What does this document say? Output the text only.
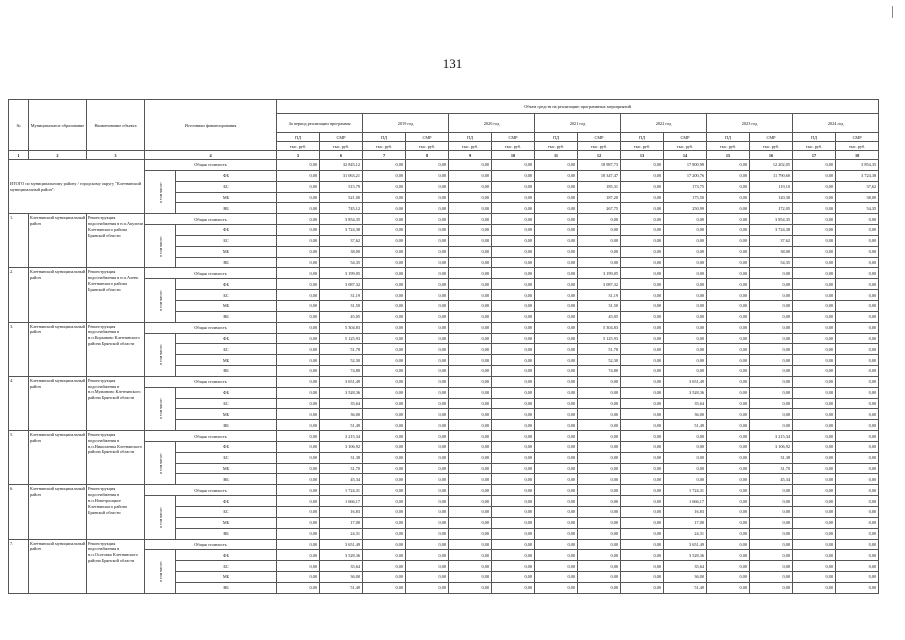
131
№	Муниципальное образование	Наименование объекта	Источники финансирования		Объем средств на реализацию программных мероприятий													
					За период реализации программы		2019 год		2020 год		2021 год		2022 год		2023 год		2024 год	
					ПД	СМР	ПД	СМР	ПД	СМР	ПД	СМР	ПД	СМР	ПД	СМР	ПД	СМР
					тыс. руб.	тыс. руб.	тыс. руб.	тыс. руб.	тыс. руб.	тыс. руб.	тыс. руб.	тыс. руб.	тыс. руб.	тыс. руб.	тыс. руб.	тыс. руб.	тыс. руб.	тыс. руб.
1	2	3	4		5	6	7	8	9	10	11	12	13	14	15	16	17	18
ИТОГО по муниципальному району / городскому округу "Клетнянский муниципальный район":			Общая стоимость		0,00	32 845,12	0,00	0,00	0,00	0,00	0,00	18 987,73	0,00	17 800,98	0,00	12 202,05	0,00	3 854,35
			в том числе:	ФБ	0,00	31 063,21	0,00	0,00	0,00	0,00	0,00	18 347,47	0,00	17 200,76	0,00	11 790,60	0,00	3 724,38
				БС	0,00	515,79	0,00	0,00	0,00	0,00	0,00	185,31	0,00	173,75	0,00	119,10	0,00	37,62
				МБ	0,00	521,00	0,00	0,00	0,00	0,00	0,00	187,20	0,00	175,50	0,00	120,30	0,00	38,00
				ВБ	0,00	745,12	0,00	0,00	0,00	0,00	0,00	267,75	0,00	250,99	0,00	172,05	0,00	54,35
1.	Клетнянский муниципальный район	Реконструкция водоснабжения в н.п.Акуличи Клетнянского района Брянской области	Общая стоимость		0,00	3 854,35	0,00	0,00	0,00	0,00	0,00	0,00	0,00	0,00	0,00	3 854,35	0,00	0,00
			в том числе:	ФБ	0,00	3 724,38	0,00	0,00	0,00	0,00	0,00	0,00	0,00	0,00	0,00	3 724,38	0,00	0,00
				БС	0,00	37,62	0,00	0,00	0,00	0,00	0,00	0,00	0,00	0,00	0,00	37,62	0,00	0,00
				МБ	0,00	38,00	0,00	0,00	0,00	0,00	0,00	0,00	0,00	0,00	0,00	38,00	0,00	0,00
				ВБ	0,00	54,35	0,00	0,00	0,00	0,00	0,00	0,00	0,00	0,00	0,00	54,35	0,00	0,00
2.	Клетнянский муниципальный район	Реконструкция водоснабжения в н.п.Алень Клетнянского района Брянской области	Общая стоимость		0,00	3 199,05	0,00	0,00	0,00	0,00	0,00	3 199,05	0,00	0,00	0,00	0,00	0,00	0,00
			в том числе:	ФБ	0,00	3 087,32	0,00	0,00	0,00	0,00	0,00	3 087,32	0,00	0,00	0,00	0,00	0,00	0,00
				БС	0,00	31,19	0,00	0,00	0,00	0,00	0,00	31,19	0,00	0,00	0,00	0,00	0,00	0,00
				МБ	0,00	31,50	0,00	0,00	0,00	0,00	0,00	31,50	0,00	0,00	0,00	0,00	0,00	0,00
				ВБ	0,00	45,05	0,00	0,00	0,00	0,00	0,00	45,05	0,00	0,00	0,00	0,00	0,00	0,00
3.	Клетнянский муниципальный район	Реконструкция водоснабжения в н.п.Корыжево Клетнянского района Брянской области	Общая стоимость		0,00	5 304,83	0,00	0,00	0,00	0,00	0,00	5 304,83	0,00	0,00	0,00	0,00	0,00	0,00
			в том числе:	ФБ	0,00	5 125,93	0,00	0,00	0,00	0,00	0,00	5 125,93	0,00	0,00	0,00	0,00	0,00	0,00
				БС	0,00	51,78	0,00	0,00	0,00	0,00	0,00	51,78	0,00	0,00	0,00	0,00	0,00	0,00
				МБ	0,00	52,30	0,00	0,00	0,00	0,00	0,00	52,30	0,00	0,00	0,00	0,00	0,00	0,00
				ВБ	0,00	74,80	0,00	0,00	0,00	0,00	0,00	74,80	0,00	0,00	0,00	0,00	0,00	0,00
4.	Клетнянский муниципальный район	Реконструкция водоснабжения в н.п.Мужиново Клетнянского района Брянской области	Общая стоимость		0,00	3 651,49	0,00	0,00	0,00	0,00	0,00	0,00	0,00	3 651,49	0,00	0,00	0,00	0,00
			в том числе:	ФБ	0,00	3 528,36	0,00	0,00	0,00	0,00	0,00	0,00	0,00	3 528,36	0,00	0,00	0,00	0,00
				БС	0,00	35,64	0,00	0,00	0,00	0,00	0,00	0,00	0,00	35,64	0,00	0,00	0,00	0,00
				МБ	0,00	36,00	0,00	0,00	0,00	0,00	0,00	0,00	0,00	36,00	0,00	0,00	0,00	0,00
				ВБ	0,00	51,49	0,00	0,00	0,00	0,00	0,00	0,00	0,00	51,49	0,00	0,00	0,00	0,00
5.	Клетнянский муниципальный район	Реконструкция водоснабжения в н.п.Николаевка Клетнянского района Брянской области	Общая стоимость		0,00	3 215,34	0,00	0,00	0,00	0,00	0,00	0,00	0,00	0,00	0,00	3 215,34	0,00	0,00
			в том числе:	ФБ	0,00	3 106,92	0,00	0,00	0,00	0,00	0,00	0,00	0,00	0,00	0,00	3 106,92	0,00	0,00
				БС	0,00	31,38	0,00	0,00	0,00	0,00	0,00	0,00	0,00	0,00	0,00	31,38	0,00	0,00
				МБ	0,00	31,70	0,00	0,00	0,00	0,00	0,00	0,00	0,00	0,00	0,00	31,70	0,00	0,00
				ВБ	0,00	45,34	0,00	0,00	0,00	0,00	0,00	0,00	0,00	0,00	0,00	45,34	0,00	0,00
6.	Клетнянский муниципальный район	Реконструкция водоснабжения в н.п.Новотроицкое Клетнянского района Брянской области	Общая стоимость		0,00	1 724,31	0,00	0,00	0,00	0,00	0,00	0,00	0,00	1 724,31	0,00	0,00	0,00	0,00
			в том числе:	ФБ	0,00	1 666,17	0,00	0,00	0,00	0,00	0,00	0,00	0,00	1 666,17	0,00	0,00	0,00	0,00
				БС	0,00	16,83	0,00	0,00	0,00	0,00	0,00	0,00	0,00	16,83	0,00	0,00	0,00	0,00
				МБ	0,00	17,00	0,00	0,00	0,00	0,00	0,00	0,00	0,00	17,00	0,00	0,00	0,00	0,00
				ВБ	0,00	24,31	0,00	0,00	0,00	0,00	0,00	0,00	0,00	24,31	0,00	0,00	0,00	0,00
7.	Клетнянский муниципальный район	Реконструкция водоснабжения в н.п.Осотовка Клетнянского района Брянской области	Общая стоимость		0,00	3 651,49	0,00	0,00	0,00	0,00	0,00	0,00	0,00	3 651,49	0,00	0,00	0,00	0,00
			в том числе:	ФБ	0,00	3 528,36	0,00	0,00	0,00	0,00	0,00	0,00	0,00	3 528,36	0,00	0,00	0,00	0,00
				БС	0,00	35,64	0,00	0,00	0,00	0,00	0,00	0,00	0,00	35,64	0,00	0,00	0,00	0,00
				МБ	0,00	36,00	0,00	0,00	0,00	0,00	0,00	0,00	0,00	36,00	0,00	0,00	0,00	0,00
				ВБ	0,00	51,49	0,00	0,00	0,00	0,00	0,00	0,00	0,00	51,49	0,00	0,00	0,00	0,00
